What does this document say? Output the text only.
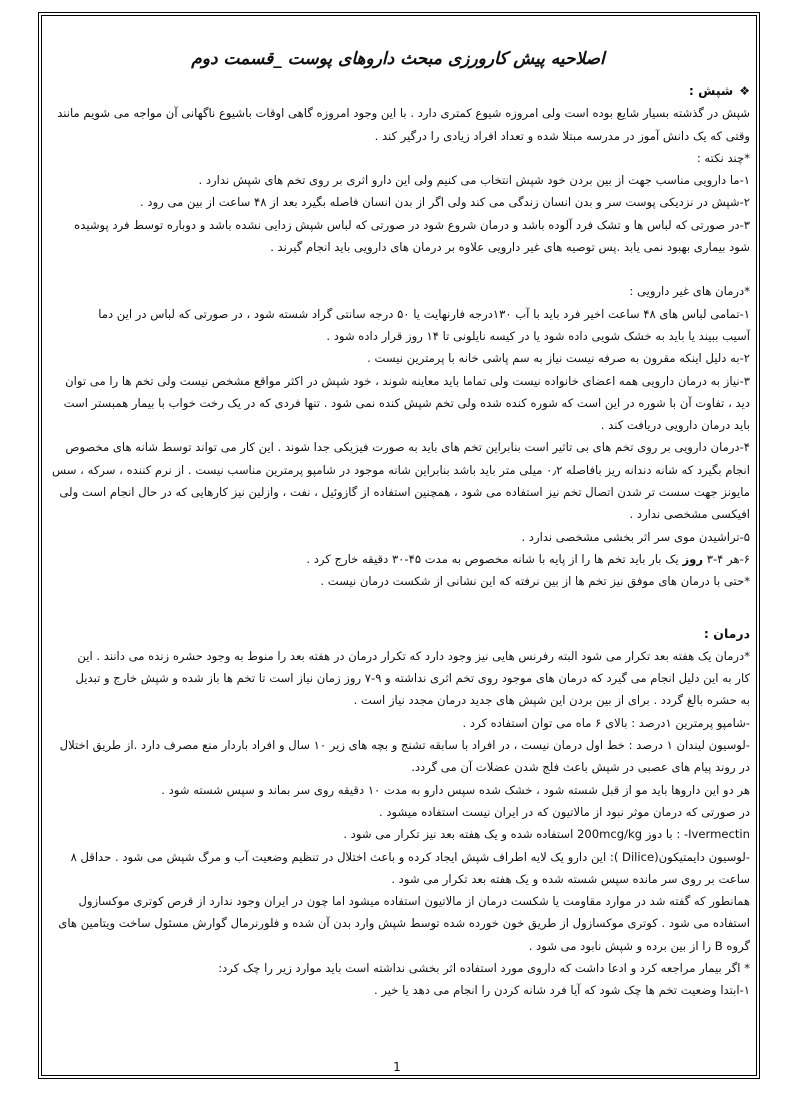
اصلاحیه پیش کارورزی مبحث داروهای پوست _قسمت دوم

❖شپش :

شپش در گذشته بسیار شایع بوده است ولی امروزه شیوع کمتری دارد . با این وجود امروزه گاهی اوقات باشیوع ناگهانی آن مواجه می شویم مانند

وقتی که یک دانش آموز در مدرسه مبتلا شده و تعداد افراد زیادی را درگیر کند .

*چند نکته :

۱-ما دارویی مناسب جهت از بین بردن خود شپش انتخاب می کنیم ولی این دارو اثری بر روی تخم های شپش ندارد .

۲-شپش در نزدیکی پوست سر و بدن انسان زندگی می کند ولی اگر از بدن انسان فاصله بگیرد بعد از ۴۸ ساعت از بین می رود .

۳-در صورتی که لباس ها و تشک فرد آلوده باشد و درمان شروع شود در صورتی که لباس شپش زدایی نشده باشد و دوباره توسط فرد پوشیده

شود بیماری بهبود نمی یابد .پس توصیه های غیر دارویی علاوه بر درمان های دارویی باید انجام گیرند .

*درمان های غیر دارویی :

۱-تمامی لباس های ۴۸ ساعت اخیر فرد باید با آب ۱۳۰درجه فارنهایت یا ۵۰ درجه سانتی گراد شسته شود ، در صورتی که لباس در این دما

آسیب ببیند یا باید به خشک شویی داده شود یا در کیسه نایلونی تا ۱۴ روز قرار داده شود .

۲-به دلیل اینکه مقرون به صرفه نیست نیاز به سم پاشی خانه با پرمترین نیست .

۳-نیاز به درمان دارویی همه اعضای خانواده نیست ولی تماما باید معاینه شوند ، خود شپش در اکثر مواقع مشخص نیست ولی تخم ها را می توان

دید ، تفاوت آن با شوره در این است که شوره کنده شده ولی تخم شپش کنده نمی شود . تنها فردی که در یک رخت خواب با بیمار همبستر است

باید درمان دارویی دریافت کند .

۴-درمان دارویی بر روی تخم های بی تاثیر است بنابراین تخم های باید به صورت فیزیکی جدا شوند . این کار می تواند توسط شانه های مخصوص

انجام بگیرد که شانه دندانه ریز بافاصله ۰٫۲ میلی متر باید باشد بنابراین شانه موجود در شامپو پرمترین مناسب نیست . از نرم کننده ، سرکه ، سس

مایونز جهت سست تر شدن اتصال تخم نیز استفاده می شود ، همچنین استفاده از گازوئیل ، نفت ، وازلین نیز کارهایی که در حال انجام است ولی

افیکسی مشخصی ندارد .

۵-تراشیدن موی سر اثر بخشی مشخصی ندارد .

۶-هر ۴-۳ روز یک بار باید تخم ها را از پایه با شانه مخصوص به مدت ۴۵-۳۰ دقیقه خارج کرد .

*حتی با درمان های موفق نیز تخم ها از بین نرفته که این نشانی از شکست درمان نیست .

درمان :

*درمان یک هفته بعد تکرار می شود البته رفرنس هایی نیز وجود دارد که تکرار درمان در هفته بعد را منوط به وجود حشره زنده می دانند . این

کار به این دلیل انجام می گیرد که درمان های موجود روی تخم اثری نداشته و ۹-۷ روز زمان نیاز است تا تخم ها باز شده و شپش خارج و تبدیل

به حشره بالغ گردد . برای از بین بردن این شپش های جدید درمان مجدد نیاز است .

-شامپو پرمترین ۱درصد : بالای ۶ ماه می توان استفاده کرد .

-لوسیون لیندان ۱ درصد : خط اول درمان نیست ، در افراد با سابقه تشنج و بچه های زیر ۱۰ سال و افراد باردار منع مصرف دارد .از طریق اختلال

در روند پیام های عصبی در شپش باعث فلج شدن عضلات آن می گردد.

هر دو این داروها باید مو از قبل شسته شود ، خشک شده سپس دارو به مدت ۱۰ دقیقه روی سر بماند و سپس شسته شود .

در صورتی که درمان موثر نبود از مالاتیون که در ایران نیست استفاده میشود .

-Ivermectin : با دوز 200mcg/kg استفاده شده و یک هفته بعد نیز تکرار می شود .

-لوسیون دایمتیکون(Dilice ): این دارو یک لایه اطراف شپش ایجاد کرده و باعث اختلال در تنظیم وضعیت آب و مرگ شپش می شود . حداقل ۸

ساعت بر روی سر مانده سپس شسته شده و یک هفته بعد تکرار می شود .

همانطور که گفته شد در موارد مقاومت یا شکست درمان از مالاتیون استفاده میشود اما چون در ایران وجود ندارد از قرص کوتری موکسازول

استفاده می شود . کوتری موکسازول از طریق خون خورده شده توسط شپش وارد بدن آن شده و فلورنرمال گوارش مسئول ساخت ویتامین های

گروه B را از بین برده و شپش نابود می شود .

* اگر بیمار مراجعه کرد و ادعا داشت که داروی مورد استفاده اثر بخشی نداشته است باید موارد زیر را چک کرد:

۱-ابتدا وضعیت تخم ها چک شود که آیا فرد شانه کردن را انجام می دهد یا خیر .

1
